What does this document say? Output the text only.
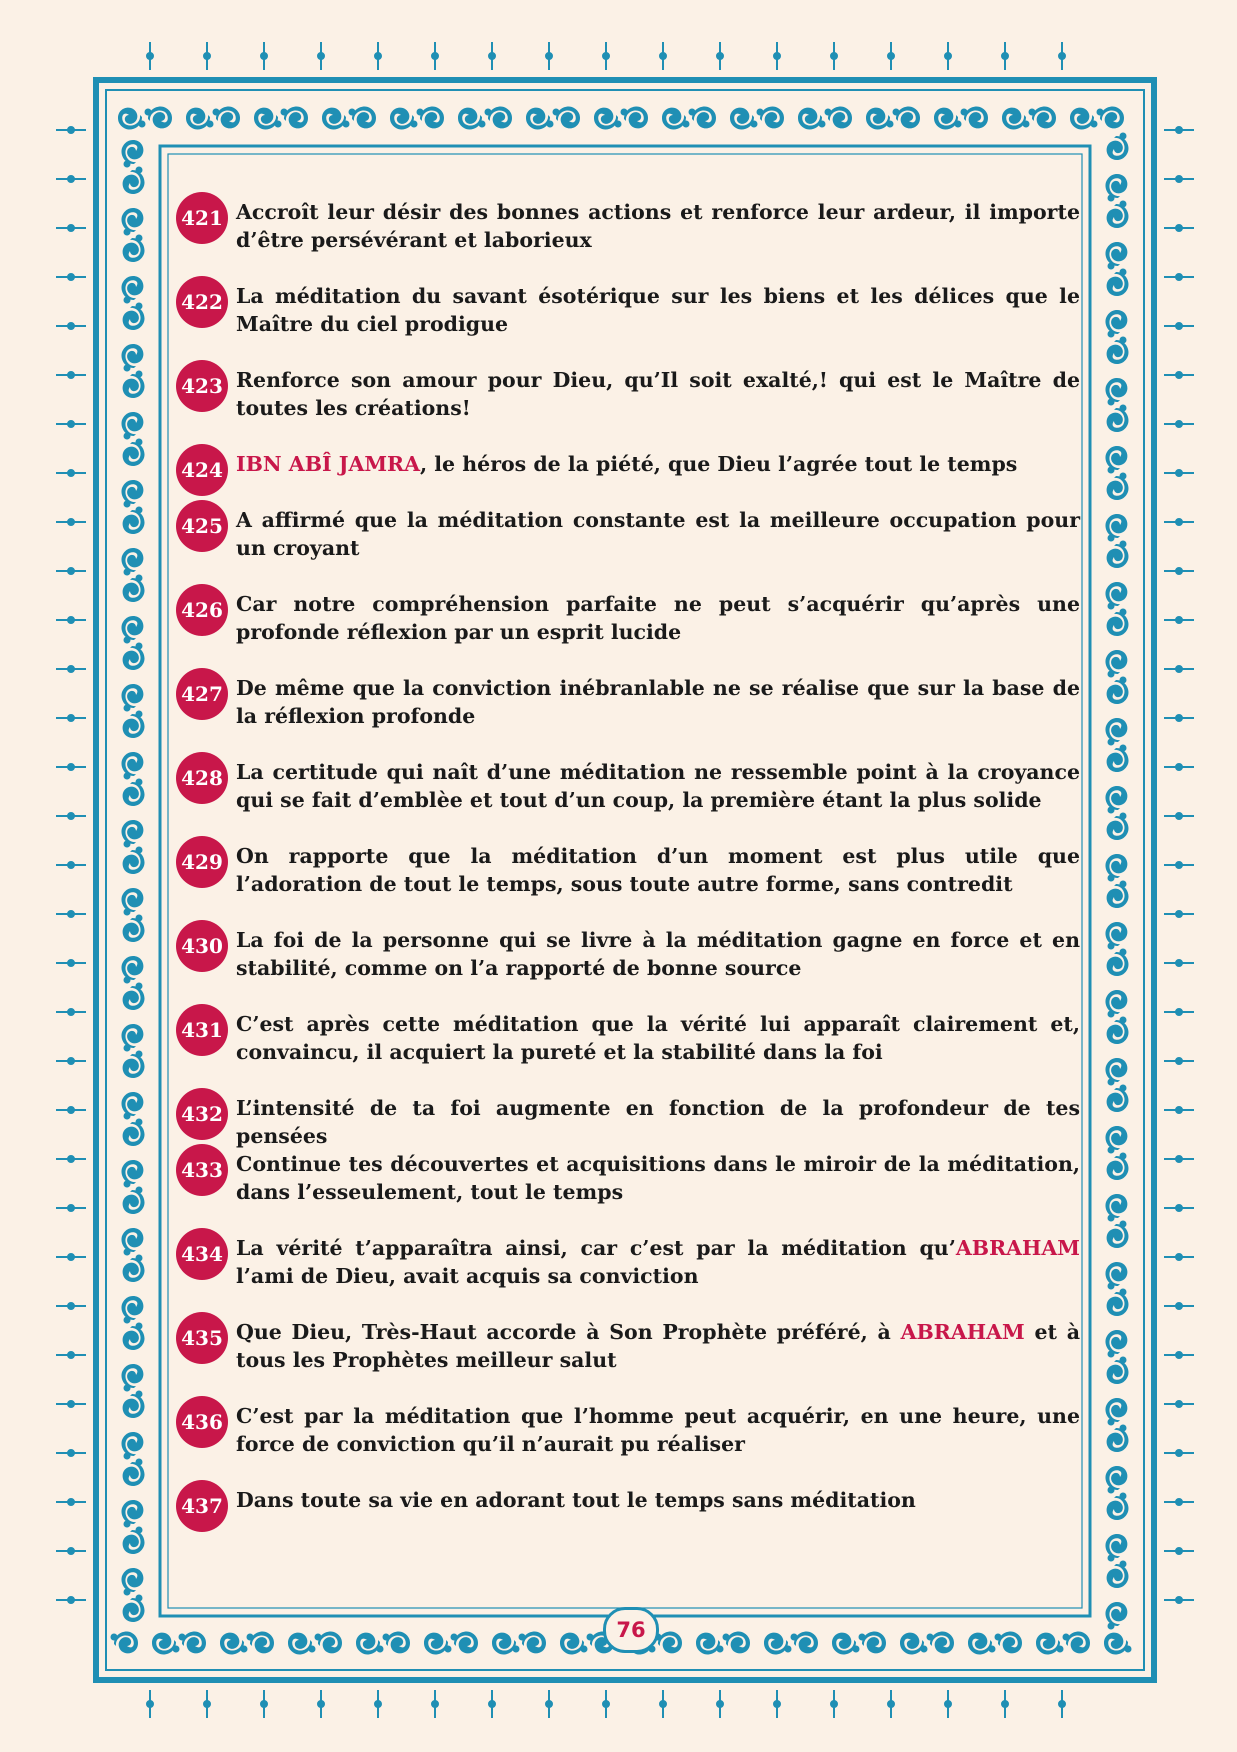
421 Accroît leur désir des bonnes actions et renforce leur ardeur, il importe d’être persévérant et laborieux
422 La méditation du savant ésotérique sur les biens et les délices que le Maître du ciel prodigue
423 Renforce son amour pour Dieu, qu’Il soit exalté,! qui est le Maître de toutes les créations!
424 IBN ABÎ JAMRA, le héros de la piété, que Dieu l’agrée tout le temps
425 A affirmé que la méditation constante est la meilleure occupation pour un croyant
426 Car notre compréhension parfaite ne peut s’acquérir qu’après une profonde réflexion par un esprit lucide
427 De même que la conviction inébranlable ne se réalise que sur la base de la réflexion profonde
428 La certitude qui naît d’une méditation ne ressemble point à la croyance qui se fait d’emblèe et tout d’un coup, la première étant la plus solide
429 On rapporte que la méditation d’un moment est plus utile que l’adoration de tout le temps, sous toute autre forme, sans contredit
430 La foi de la personne qui se livre à la méditation gagne en force et en stabilité, comme on l’a rapporté de bonne source
431 C’est après cette méditation que la vérité lui apparaît clairement et, convaincu, il acquiert la pureté et la stabilité dans la foi
432 L’intensité de ta foi augmente en fonction de la profondeur de tes pensées
433 Continue tes découvertes et acquisitions dans le miroir de la méditation, dans l’esseulement, tout le temps
434 La vérité t’apparaîtra ainsi, car c’est par la méditation qu’ABRAHAM l’ami de Dieu, avait acquis sa conviction
435 Que Dieu, Très-Haut accorde à Son Prophète préféré, à ABRAHAM et à tous les Prophètes meilleur salut
436 C’est par la méditation que l’homme peut acquérir, en une heure, une force de conviction qu’il n’aurait pu réaliser
437 Dans toute sa vie en adorant tout le temps sans méditation
76
